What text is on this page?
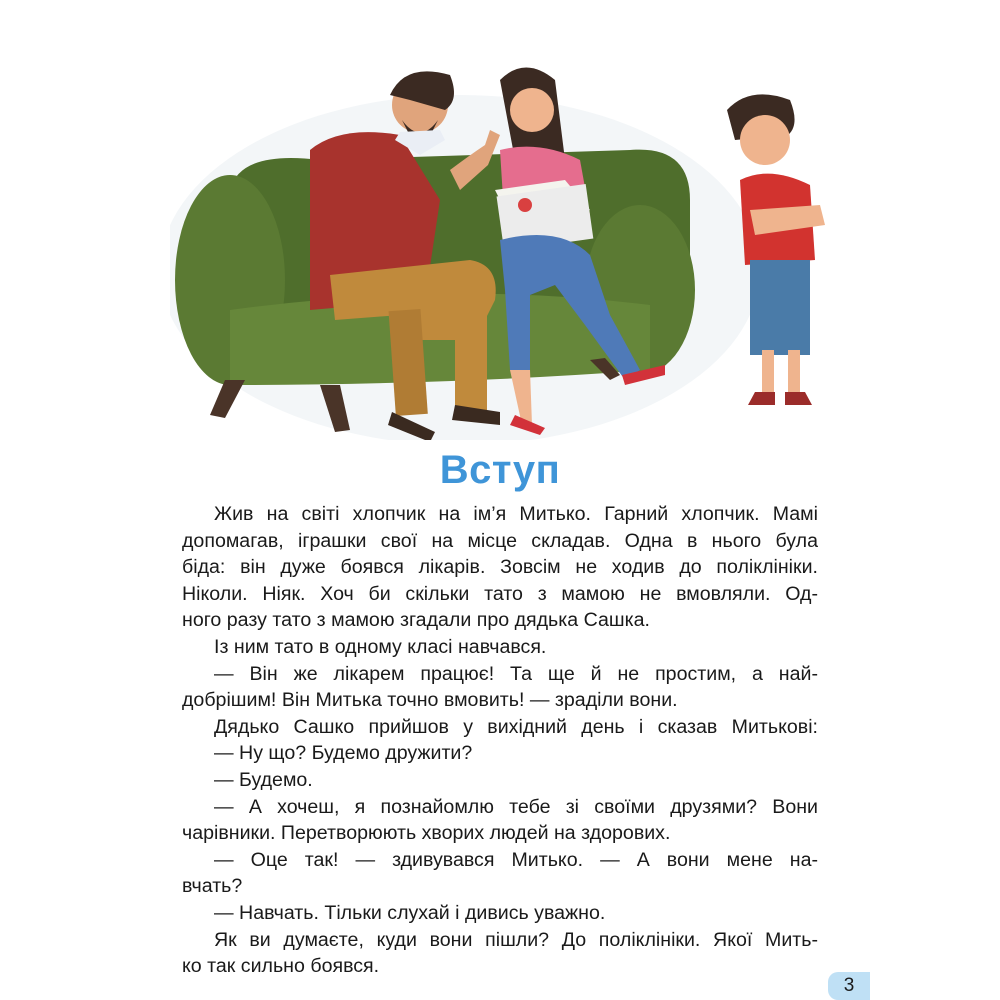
Вступ

Жив на світі хлопчик на ім’я Митько. Гарний хлопчик. Мамі

допомагав, іграшки свої на місце складав. Одна в нього була

біда: він дуже боявся лікарів. Зовсім не ходив до поліклініки.

Ніколи. Ніяк. Хоч би скільки тато з мамою не вмовляли. Од-

ного разу тато з мамою згадали про дядька Сашка.

Із ним тато в одному класі навчався.

— Він же лікарем працює! Та ще й не простим, а най-

добрішим! Він Митька точно вмовить! — зраділи вони.

Дядько Сашко прийшов у вихідний день і сказав Митькові:

— Ну що? Будемо дружити?

— Будемо.

— А хочеш, я познайомлю тебе зі своїми друзями? Вони

чарівники. Перетворюють хворих людей на здорових.

— Оце так! — здивувався Митько. — А вони мене на-

вчать?

— Навчать. Тільки слухай і дивись уважно.

Як ви думаєте, куди вони пішли? До поліклініки. Якої Мить-

ко так сильно боявся.

3
